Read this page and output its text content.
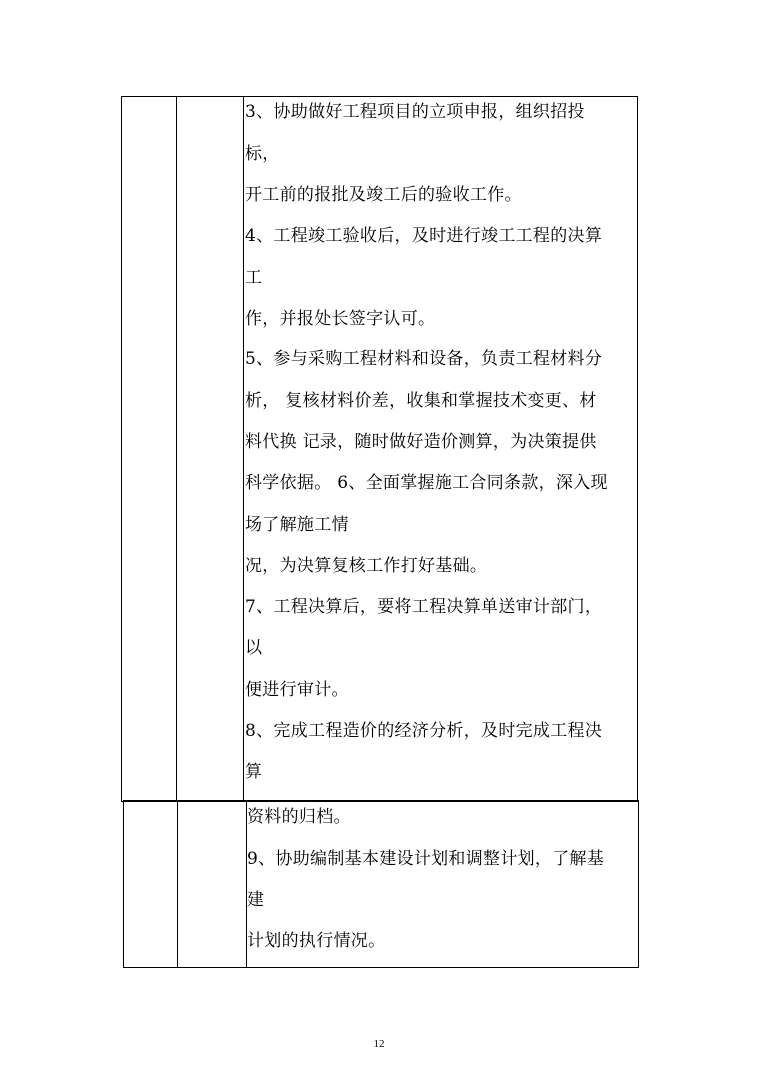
3、协助做好工程项目的立项申报，组织招投
标，
开工前的报批及竣工后的验收工作。
4、工程竣工验收后，及时进行竣工工程的决算
工
作，并报处长签字认可。
5、参与采购工程材料和设备，负责工程材料分
析， 复核材料价差，收集和掌握技术变更、材
料代换 记录，随时做好造价测算，为决策提供
科学依据。 6、全面掌握施工合同条款，深入现
场了解施工情
况，为决算复核工作打好基础。
7、工程决算后，要将工程决算单送审计部门，
以
便进行审计。
8、完成工程造价的经济分析，及时完成工程决
算
资料的归档。
9、协助编制基本建设计划和调整计划，了解基
建
计划的执行情况。
12
